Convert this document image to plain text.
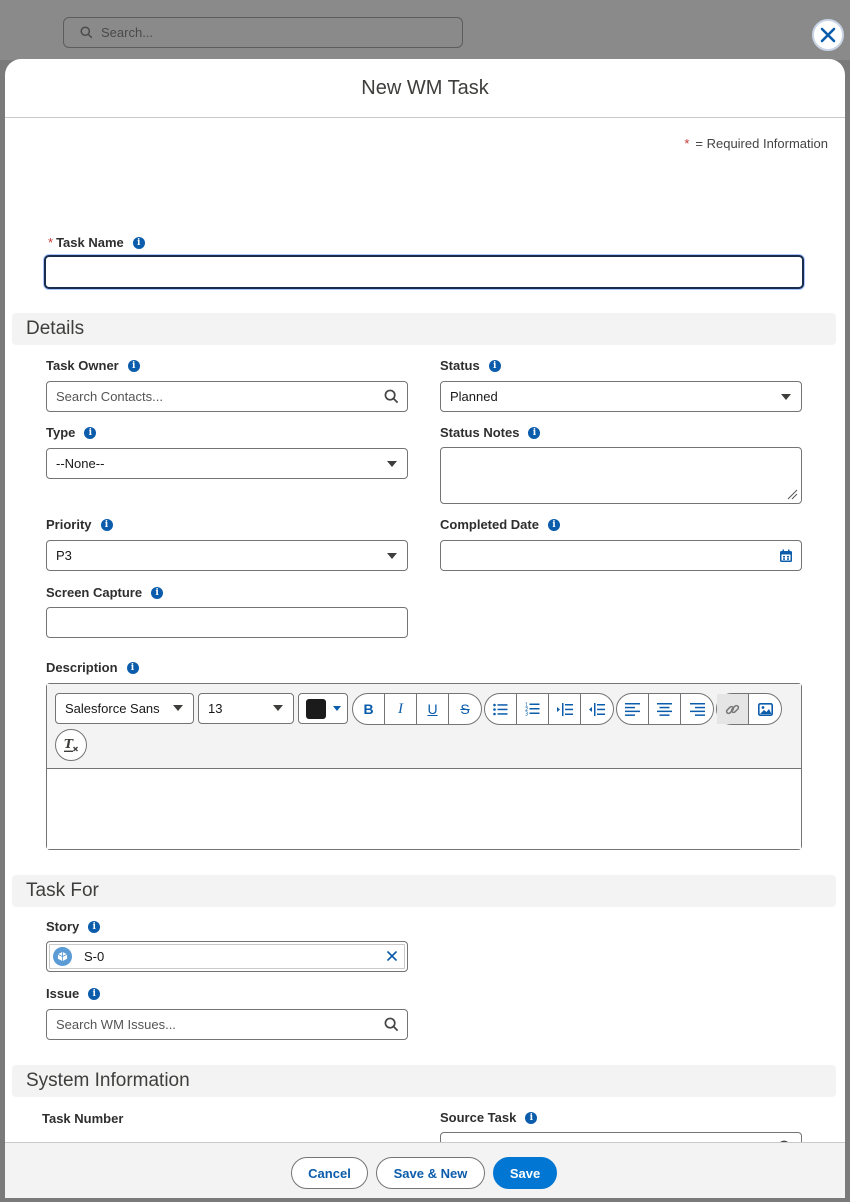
Search...
New WM Task
* = Required Information
* Task Name	i
Details
Task Owner	i
Search Contacts...
Status	i
Planned
Type	i
--None--
Status Notes	i
Priority	i
P3
Completed Date	i
Screen Capture	i
Description	i
Salesforce Sans	13	B I U S	1
2
3
T
Task For
Story	i
S-0
Issue	i
Search WM Issues...
System Information
Task Number	Source Task	i
Cancel	Save & New	Save
